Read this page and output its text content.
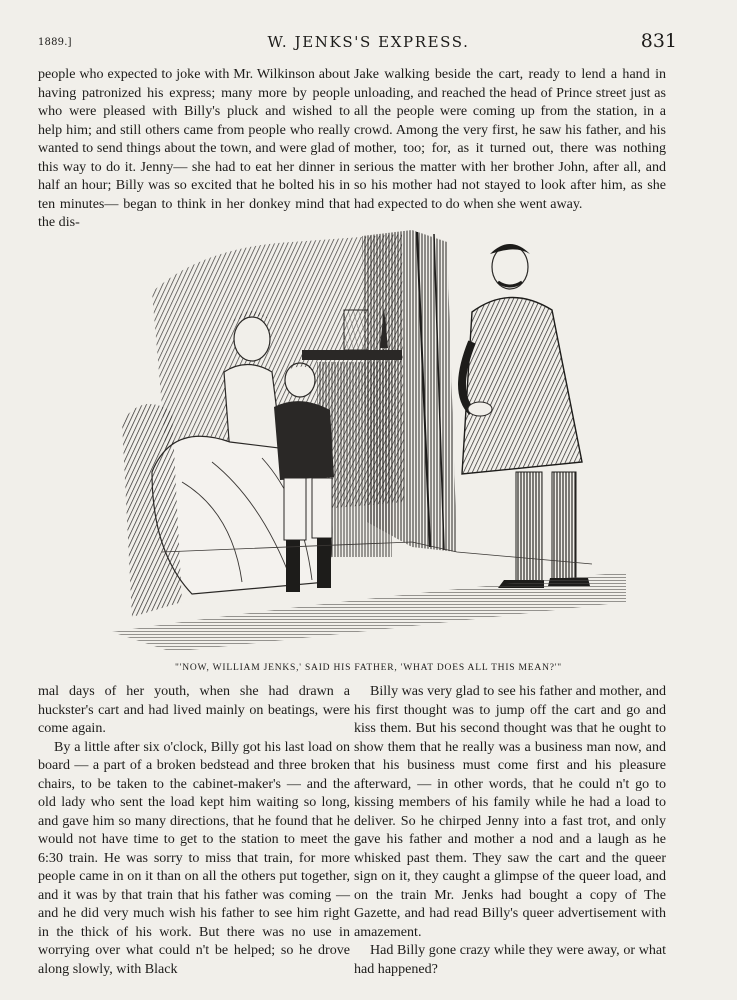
1889.]	W. JENKS'S EXPRESS.	831

people who expected to joke with Mr. Wilkinson about having patronized his express; many more by people who were pleased with Billy's pluck and wished to help him; and still others came from people who really wanted to send things about the town, and were glad of this way to do it. Jenny— she had to eat her dinner in half an hour; Billy was so excited that he bolted his in ten minutes— began to think in her donkey mind that the dis-

Jake walking beside the cart, ready to lend a hand in unloading, and reached the head of Prince street just as all the people were coming up from the station, in a crowd. Among the very first, he saw his father, and his mother, too; for, as it turned out, there was nothing serious the matter with her brother John, after all, and so his mother had not stayed to look after him, as she had expected to do when she went away.

"'NOW, WILLIAM JENKS,' SAID HIS FATHER, 'WHAT DOES ALL THIS MEAN?'"

mal days of her youth, when she had drawn a huckster's cart and had lived mainly on beatings, were come again.

By a little after six o'clock, Billy got his last load on board — a part of a broken bedstead and three broken chairs, to be taken to the cabinet-maker's — and the old lady who sent the load kept him waiting so long, and gave him so many directions, that he found that he would not have time to get to the station to meet the 6:30 train. He was sorry to miss that train, for more people came in on it than on all the others put together, and it was by that train that his father was coming — and he did very much wish his father to see him right in the thick of his work. But there was no use in worrying over what could n't be helped; so he drove along slowly, with Black

Billy was very glad to see his father and mother, and his first thought was to jump off the cart and go and kiss them. But his second thought was that he ought to show them that he really was a business man now, and that his business must come first and his pleasure afterward, — in other words, that he could n't go to kissing members of his family while he had a load to deliver. So he chirped Jenny into a fast trot, and only gave his father and mother a nod and a laugh as he whisked past them. They saw the cart and the queer sign on it, they caught a glimpse of the queer load, and on the train Mr. Jenks had bought a copy of The Gazette, and had read Billy's queer advertisement with amazement.

Had Billy gone crazy while they were away, or what had happened?
